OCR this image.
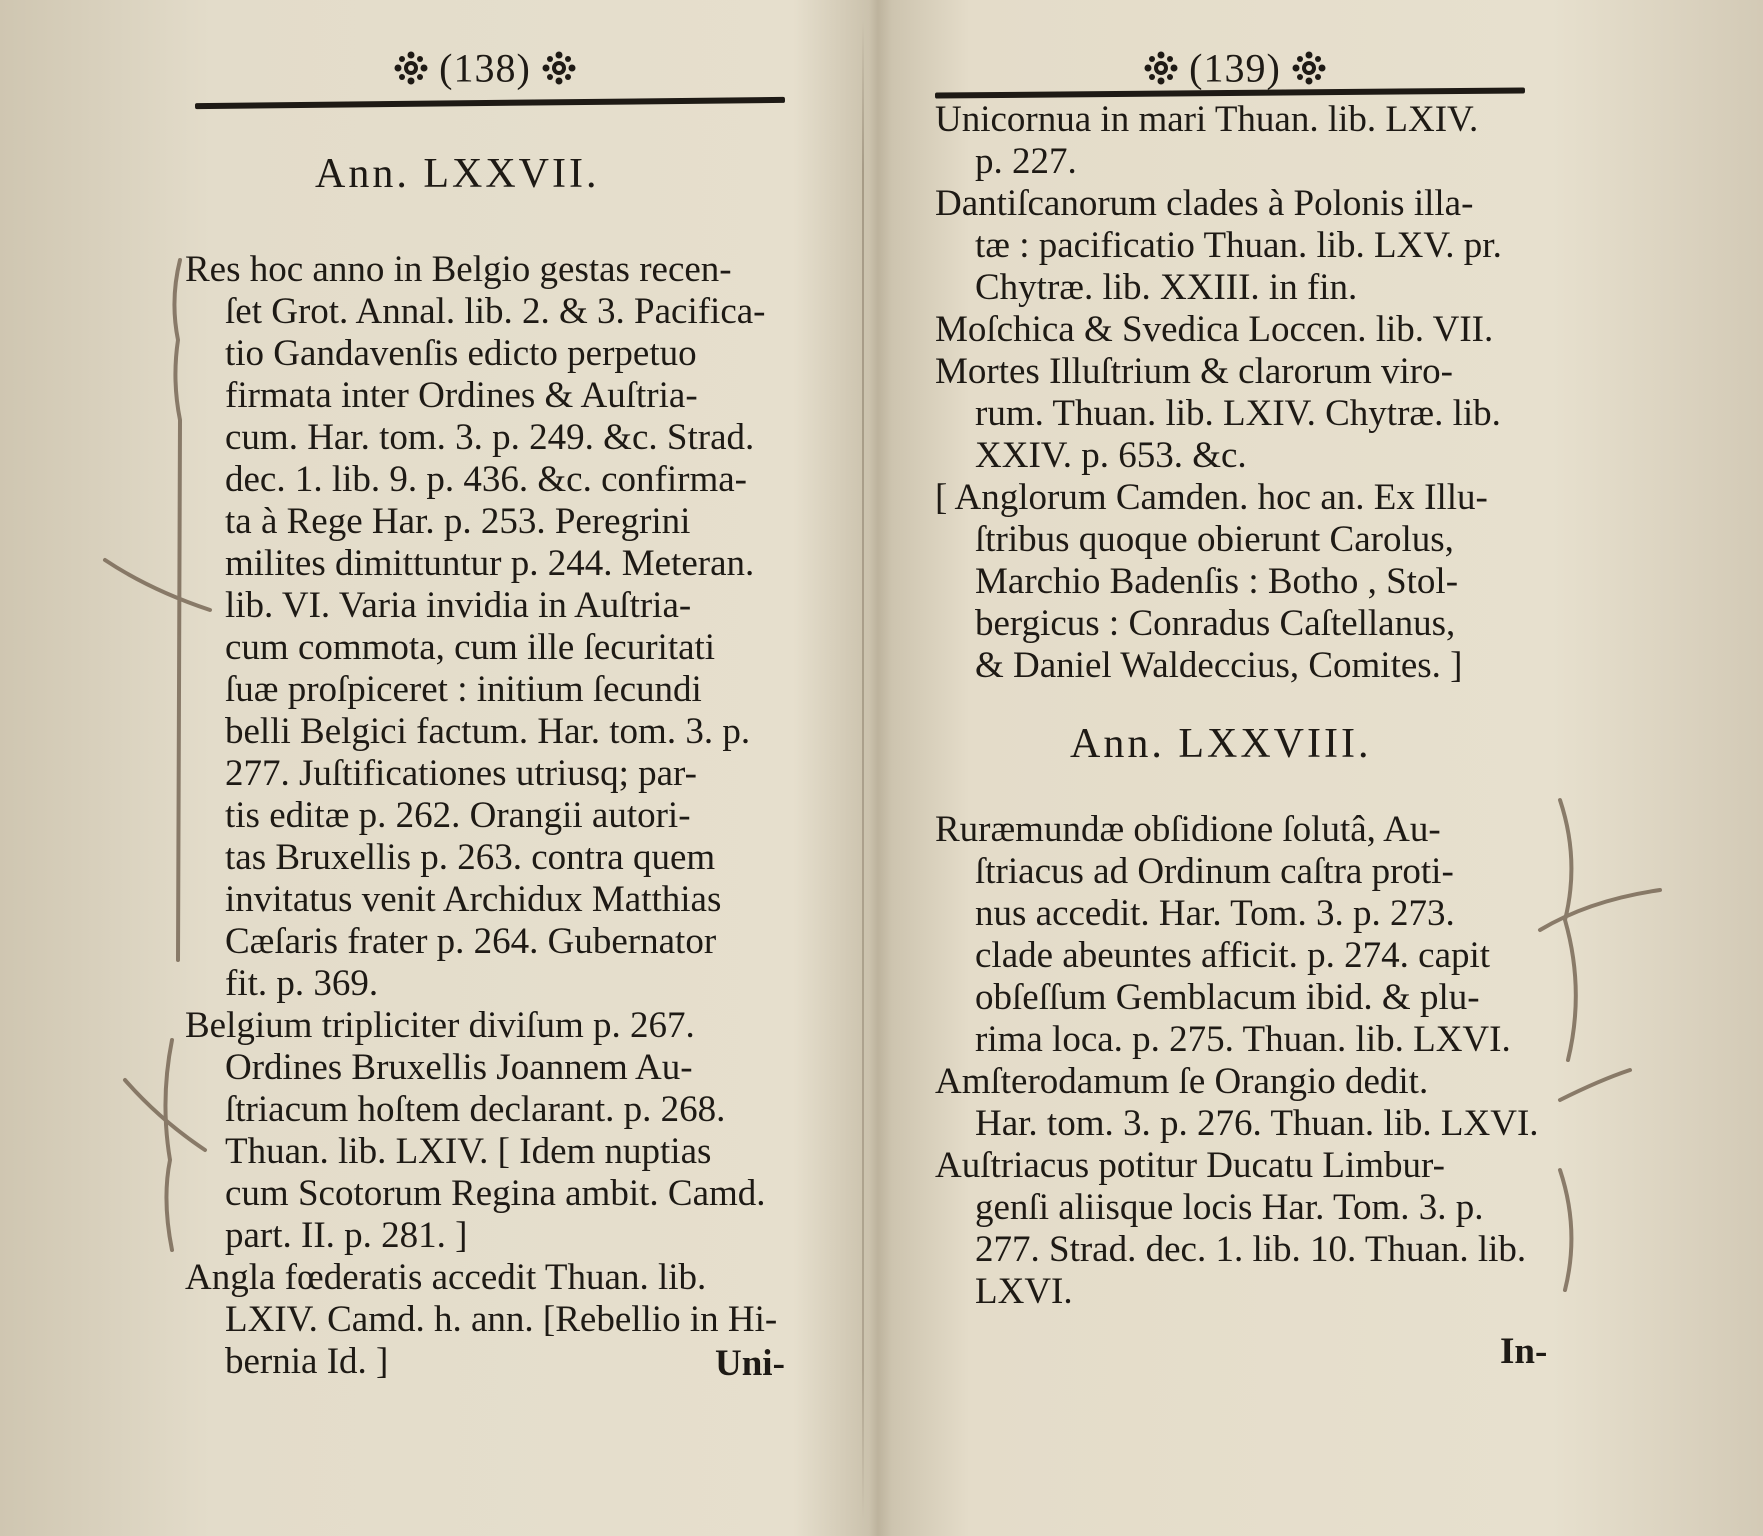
(138)
Ann. LXXVII.
Res hoc anno in Belgio gestas recen-
ſet Grot. Annal. lib. 2. & 3. Pacifica-
tio Gandavenſis edicto perpetuo
firmata inter Ordines & Auſtria-
cum. Har. tom. 3. p. 249. &c. Strad.
dec. 1. lib. 9. p. 436. &c. confirma-
ta à Rege Har. p. 253. Peregrini
milites dimittuntur p. 244. Meteran.
lib. VI. Varia invidia in Auſtria-
cum commota, cum ille ſecuritati
ſuæ proſpiceret : initium ſecundi
belli Belgici factum. Har. tom. 3. p.
277. Juſtificationes utriusq; par-
tis editæ p. 262. Orangii autori-
tas Bruxellis p. 263. contra quem
invitatus venit Archidux Matthias
Cæſaris frater p. 264. Gubernator
fit. p. 369.
Belgium tripliciter diviſum p. 267.
Ordines Bruxellis Joannem Au-
ſtriacum hoſtem declarant. p. 268.
Thuan. lib. LXIV. [ Idem nuptias
cum Scotorum Regina ambit. Camd.
part. II. p. 281. ]
Angla fœderatis accedit Thuan. lib.
LXIV. Camd. h. ann. [Rebellio in Hi-
bernia Id. ]	Uni-
(139)
Unicornua in mari Thuan. lib. LXIV.
p. 227.
Dantiſcanorum clades à Polonis illa-
tæ : pacificatio Thuan. lib. LXV. pr.
Chytræ. lib. XXIII. in fin.
Moſchica & Svedica Loccen. lib. VII.
Mortes Illuſtrium & clarorum viro-
rum. Thuan. lib. LXIV. Chytræ. lib.
XXIV. p. 653. &c.
[ Anglorum Camden. hoc an. Ex Illu-
ſtribus quoque obierunt Carolus,
Marchio Badenſis : Botho , Stol-
bergicus : Conradus Caſtellanus,
& Daniel Waldeccius, Comites. ]
Ann. LXXVIII.
Ruræmundæ obſidione ſolutâ, Au-
ſtriacus ad Ordinum caſtra proti-
nus accedit. Har. Tom. 3. p. 273.
clade abeuntes afficit. p. 274. capit
obſeſſum Gemblacum ibid. & plu-
rima loca. p. 275. Thuan. lib. LXVI.
Amſterodamum ſe Orangio dedit.
Har. tom. 3. p. 276. Thuan. lib. LXVI.
Auſtriacus potitur Ducatu Limbur-
genſi aliisque locis Har. Tom. 3. p.
277. Strad. dec. 1. lib. 10. Thuan. lib.
LXVI.
In-
